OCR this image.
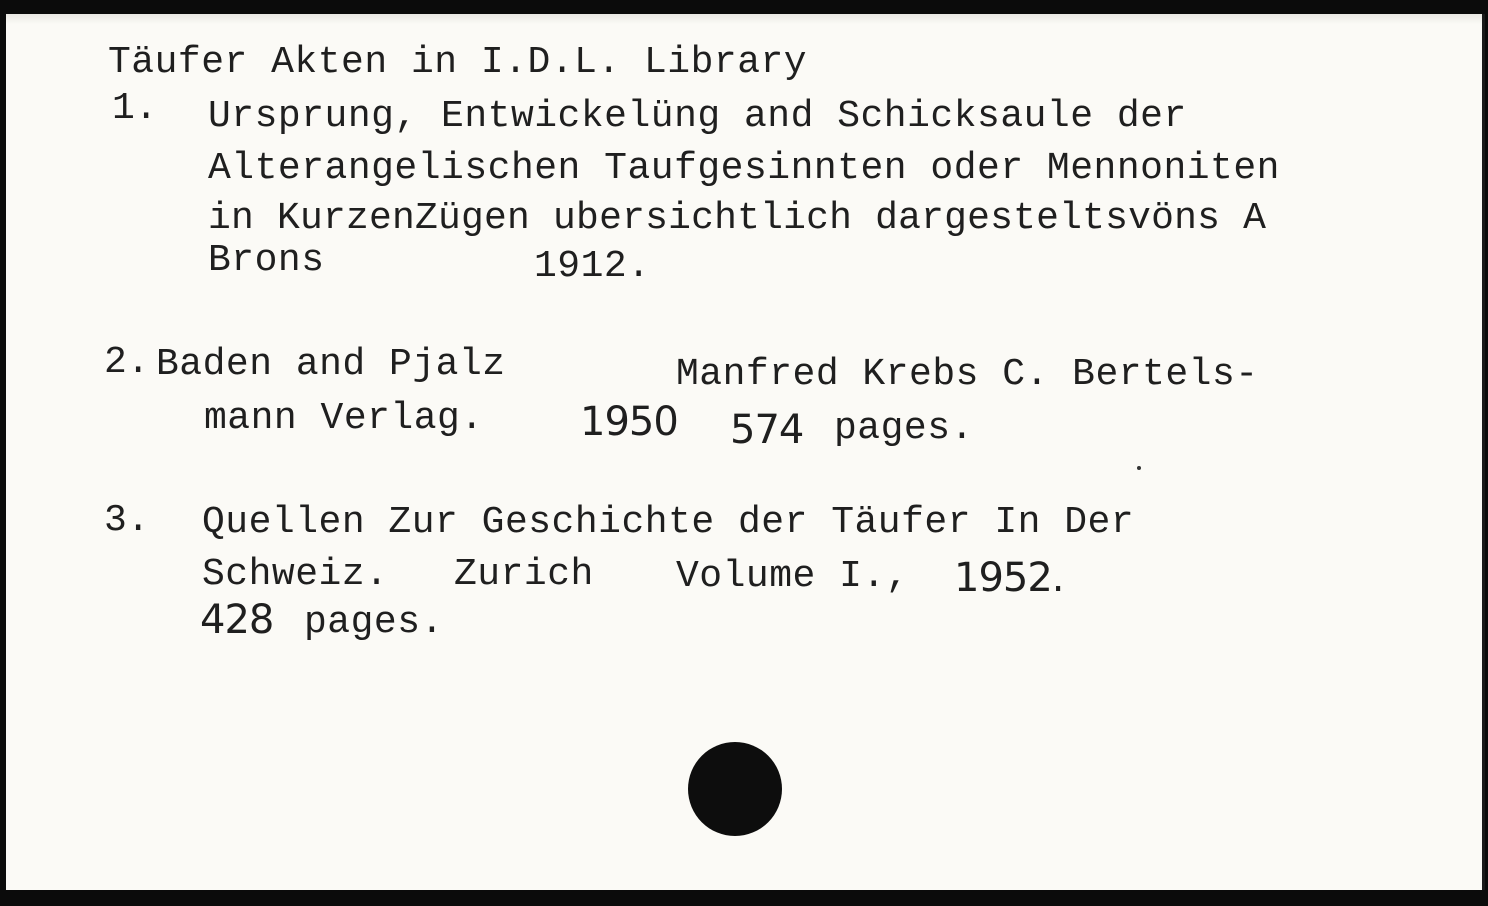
Täufer Akten in I.D.L. Library
1. Ursprung, Entwickelüng and Schicksaule der
Alterangelischen Taufgesinnten oder Mennoniten
in KurzenZügen ubersichtlich dargesteltsvöns A
Brons	1912.
2. Baden and Pjalz	Manfred Krebs C. Bertels-
mann Verlag. 1950 574 pages.
3. Quellen Zur Geschichte der Täufer In Der
Schweiz. Zurich Volume I., 1952.
428 pages.
